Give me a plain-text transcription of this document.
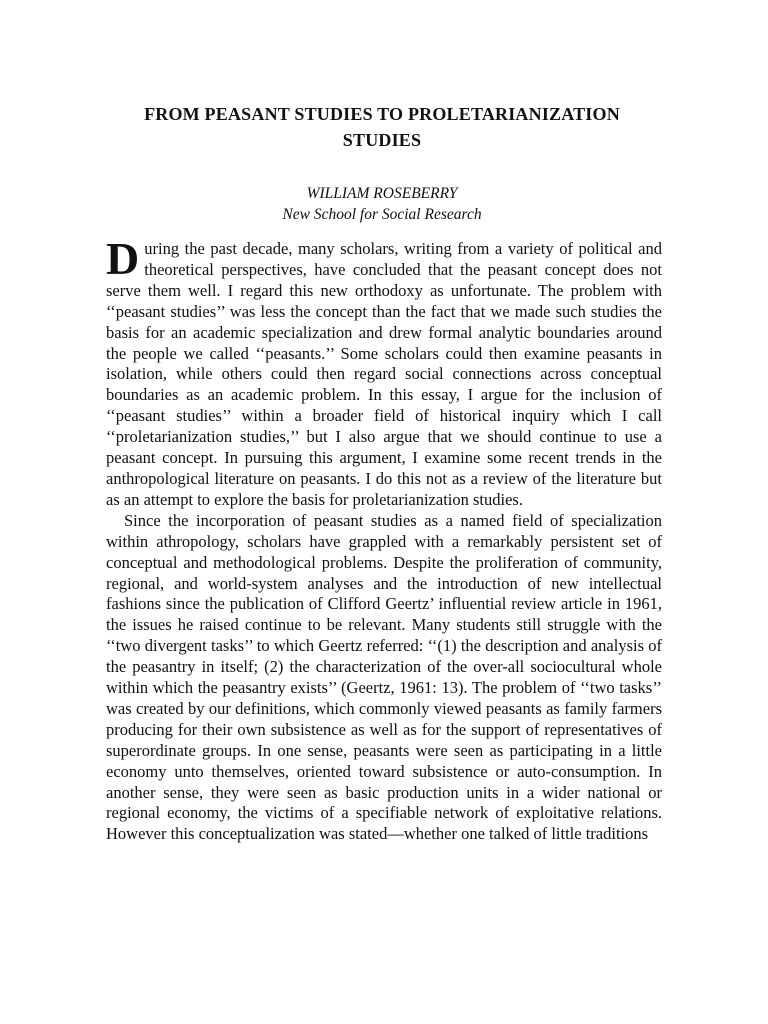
FROM PEASANT STUDIES TO PROLETARIANIZATION STUDIES
WILLIAM ROSEBERRY
New School for Social Research

During the past decade, many scholars, writing from a variety of political and theoretical perspectives, have concluded that the peasant concept does not serve them well. I regard this new orthodoxy as unfortunate. The problem with ‘‘peasant studies’’ was less the concept than the fact that we made such studies the basis for an academic specialization and drew formal analytic boundaries around the people we called ‘‘peasants.’’ Some scholars could then examine peasants in isolation, while others could then regard social connections across conceptual boundaries as an academic problem. In this essay, I argue for the inclusion of ‘‘peasant studies’’ within a broader field of historical inquiry which I call ‘‘proletarianization studies,’’ but I also argue that we should continue to use a peasant concept. In pursuing this argument, I examine some recent trends in the anthropological literature on peasants. I do this not as a review of the literature but as an attempt to explore the basis for proletarianization studies.

Since the incorporation of peasant studies as a named field of specialization within athropology, scholars have grappled with a remarkably persistent set of conceptual and methodological problems. Despite the proliferation of community, regional, and world-system analyses and the introduction of new intellectual fashions since the publication of Clifford Geertz’ influential review article in 1961, the issues he raised continue to be relevant. Many students still struggle with the ‘‘two divergent tasks’’ to which Geertz referred: ‘‘(1) the description and analysis of the peasantry in itself; (2) the characterization of the over-all sociocultural whole within which the peasantry exists’’ (Geertz, 1961: 13). The problem of ‘‘two tasks’’ was created by our definitions, which commonly viewed peasants as family farmers producing for their own subsistence as well as for the support of representatives of superordinate groups. In one sense, peasants were seen as participating in a little economy unto themselves, oriented toward subsistence or auto-consumption. In another sense, they were seen as basic production units in a wider national or regional economy, the victims of a specifiable network of exploitative relations. However this conceptualization was stated—whether one talked of little traditions
